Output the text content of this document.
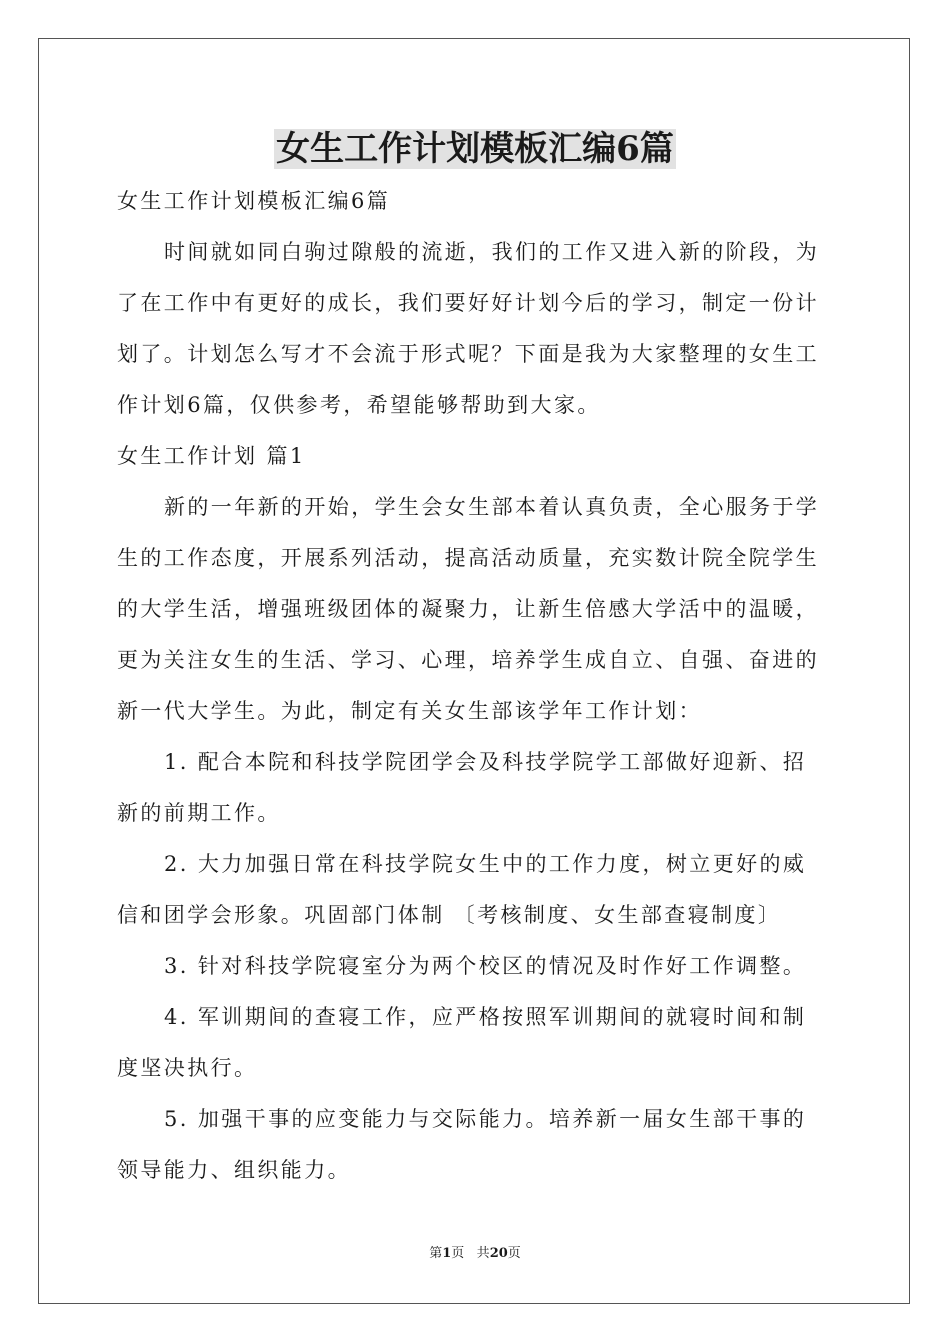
女生工作计划模板汇编6篇

女生工作计划模板汇编6篇

时间就如同白驹过隙般的流逝，我们的工作又进入新的阶段，为

了在工作中有更好的成长，我们要好好计划今后的学习，制定一份计

划了。计划怎么写才不会流于形式呢？下面是我为大家整理的女生工

作计划6篇，仅供参考，希望能够帮助到大家。

女生工作计划 篇1

新的一年新的开始，学生会女生部本着认真负责，全心服务于学

生的工作态度，开展系列活动，提高活动质量，充实数计院全院学生

的大学生活，增强班级团体的凝聚力，让新生倍感大学活中的温暖，

更为关注女生的生活、学习、心理，培养学生成自立、自强、奋进的

新一代大学生。为此，制定有关女生部该学年工作计划：

1. 配合本院和科技学院团学会及科技学院学工部做好迎新、招

新的前期工作。

2. 大力加强日常在科技学院女生中的工作力度，树立更好的威

信和团学会形象。巩固部门体制 〔考核制度、女生部查寝制度〕

3. 针对科技学院寝室分为两个校区的情况及时作好工作调整。

4. 军训期间的查寝工作，应严格按照军训期间的就寝时间和制

度坚决执行。

5. 加强干事的应变能力与交际能力。培养新一届女生部干事的

领导能力、组织能力。

第1页 共20页
